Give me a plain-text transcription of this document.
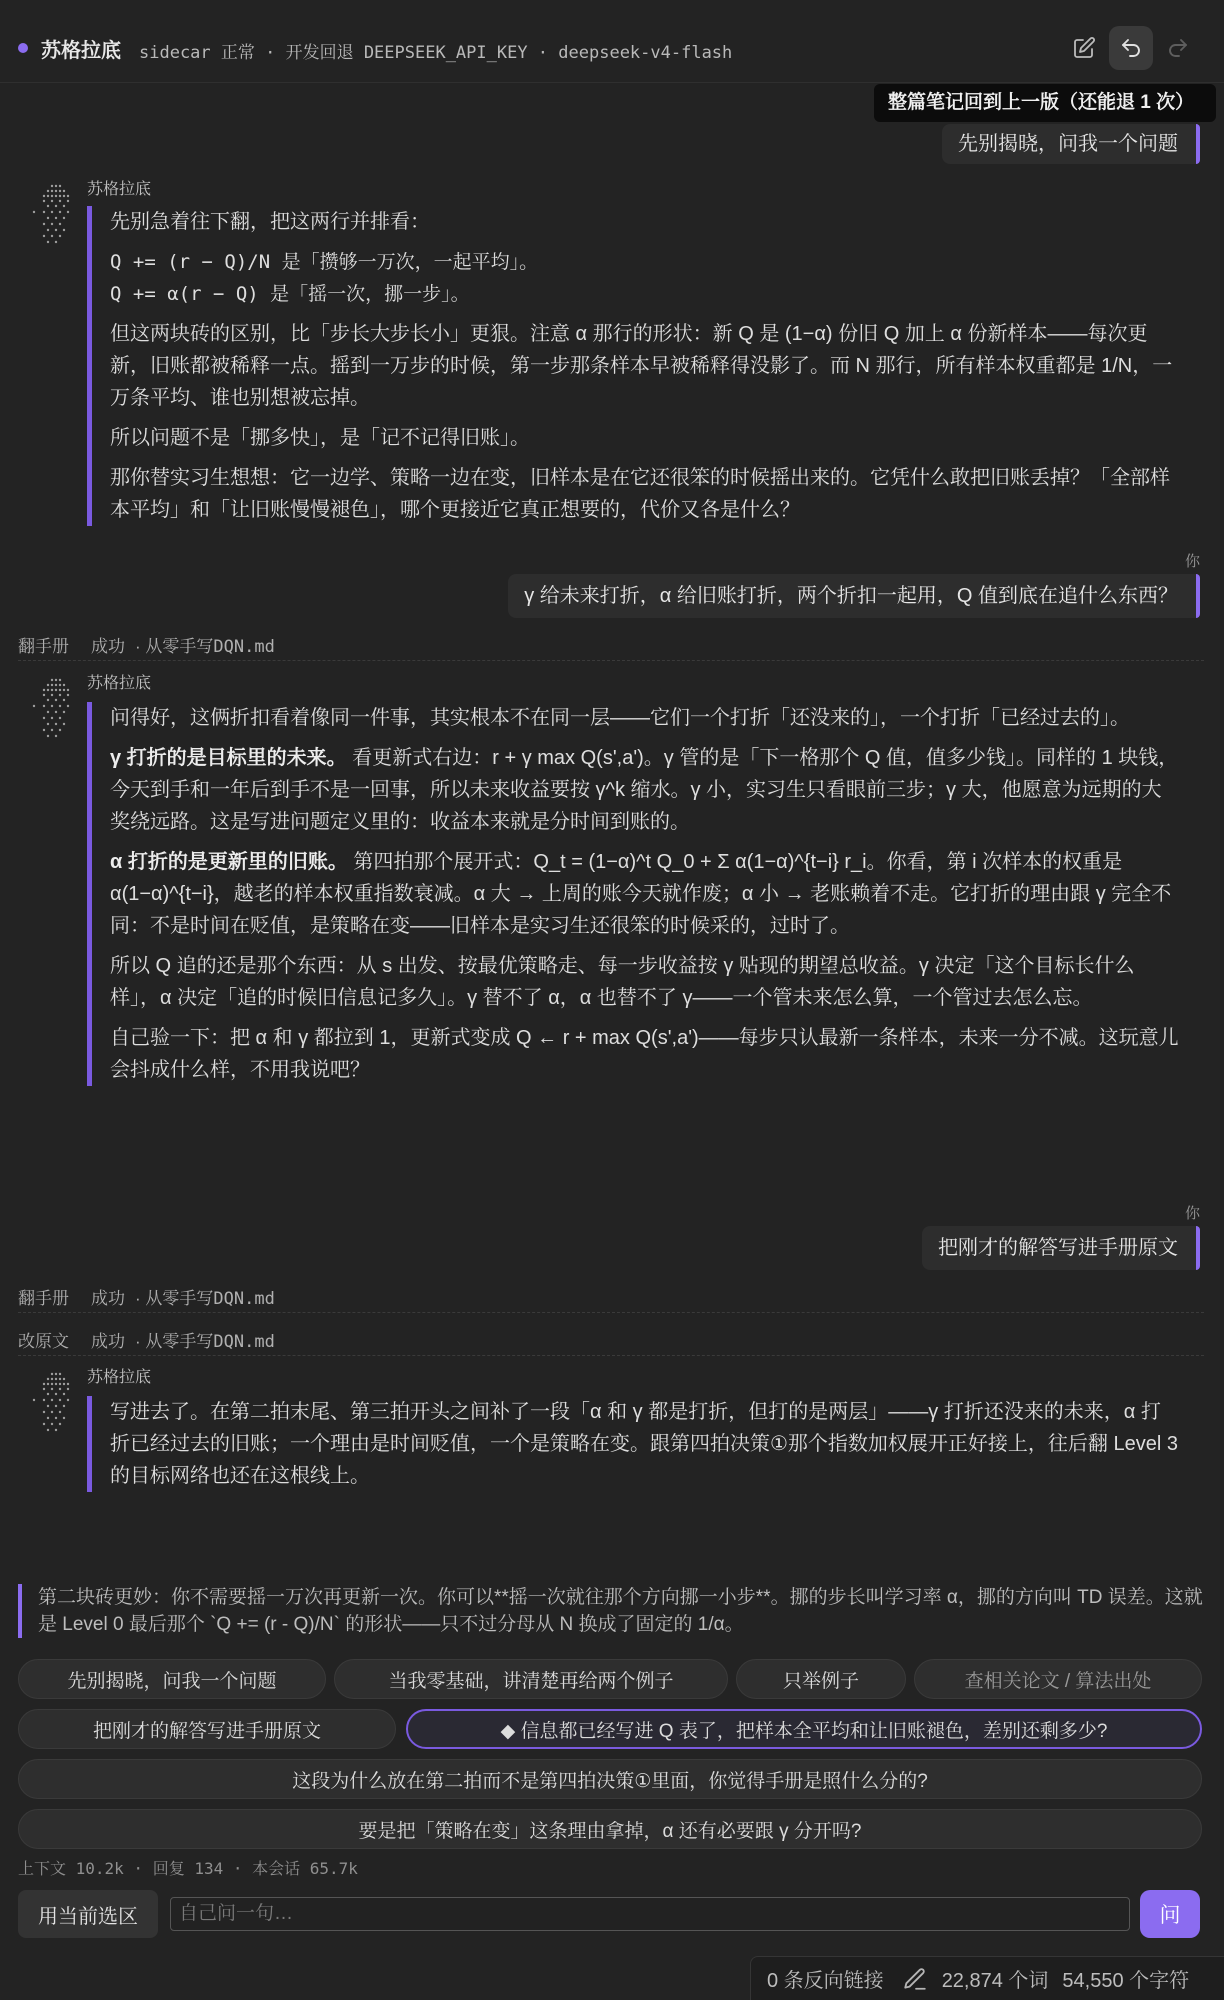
苏格拉底 sidecar 正常 · 开发回退 DEEPSEEK_API_KEY · deepseek-v4-flash
整篇笔记回到上一版（还能退 1 次）
先别揭晓，问我一个问题
苏格拉底

先别急着往下翻，把这两行并排看：

Q += (r − Q)/N 是「攒够一万次，一起平均」。
Q += α(r − Q) 是「摇一次，挪一步」。

但这两块砖的区别，比「步长大步长小」更狠。注意 α 那行的形状：新 Q 是 (1−α) 份旧 Q 加上 α 份新样本——每次更新，旧账都被稀释一点。摇到一万步的时候，第一步那条样本早被稀释得没影了。而 N 那行，所有样本权重都是 1/N，一万条平均、谁也别想被忘掉。

所以问题不是「挪多快」，是「记不记得旧账」。

那你替实习生想想：它一边学、策略一边在变，旧样本是在它还很笨的时候摇出来的。它凭什么敢把旧账丢掉？「全部样本平均」和「让旧账慢慢褪色」，哪个更接近它真正想要的，代价又各是什么？

你
γ 给未来打折，α 给旧账打折，两个折扣一起用，Q 值到底在追什么东西？
翻手册 成功 · 从零手写DQN.md
苏格拉底

问得好，这俩折扣看着像同一件事，其实根本不在同一层——它们一个打折「还没来的」，一个打折「已经过去的」。

γ 打折的是目标里的未来。 看更新式右边：r + γ max Q(s',a')。γ 管的是「下一格那个 Q 值，值多少钱」。同样的 1 块钱，今天到手和一年后到手不是一回事，所以未来收益要按 γ^k 缩水。γ 小，实习生只看眼前三步；γ 大，他愿意为远期的大奖绕远路。这是写进问题定义里的：收益本来就是分时间到账的。

α 打折的是更新里的旧账。 第四拍那个展开式：Q_t = (1−α)^t Q_0 + Σ α(1−α)^{t−i} r_i。你看，第 i 次样本的权重是 α(1−α)^{t−i}，越老的样本权重指数衰减。α 大 → 上周的账今天就作废；α 小 → 老账赖着不走。它打折的理由跟 γ 完全不同：不是时间在贬值，是策略在变——旧样本是实习生还很笨的时候采的，过时了。

所以 Q 追的还是那个东西：从 s 出发、按最优策略走、每一步收益按 γ 贴现的期望总收益。γ 决定「这个目标长什么样」，α 决定「追的时候旧信息记多久」。γ 替不了 α，α 也替不了 γ——一个管未来怎么算，一个管过去怎么忘。

自己验一下：把 α 和 γ 都拉到 1，更新式变成 Q ← r + max Q(s',a')——每步只认最新一条样本，未来一分不减。这玩意儿会抖成什么样，不用我说吧？

你
把刚才的解答写进手册原文
翻手册 成功 · 从零手写DQN.md
改原文 成功 · 从零手写DQN.md
苏格拉底

写进去了。在第二拍末尾、第三拍开头之间补了一段「α 和 γ 都是打折，但打的是两层」——γ 打折还没来的未来，α 打折已经过去的旧账；一个理由是时间贬值，一个是策略在变。跟第四拍决策①那个指数加权展开正好接上，往后翻 Level 3 的目标网络也还在这根线上。

第二块砖更妙：你不需要摇一万次再更新一次。你可以**摇一次就往那个方向挪一小步**。挪的步长叫学习率 α，挪的方向叫 TD 误差。这就是 Level 0 最后那个 `Q += (r - Q)/N` 的形状——只不过分母从 N 换成了固定的 1/α。
先别揭晓，问我一个问题	当我零基础，讲清楚再给两个例子	只举例子	查相关论文 / 算法出处
把刚才的解答写进手册原文	◆ 信息都已经写进 Q 表了，把样本全平均和让旧账褪色，差别还剩多少?
这段为什么放在第二拍而不是第四拍决策①里面，你觉得手册是照什么分的?
要是把「策略在变」这条理由拿掉，α 还有必要跟 γ 分开吗?
上下文 10.2k · 回复 134 · 本会话 65.7k
用当前选区
自己问一句…	问
0 条反向链接	22,874 个词 54,550 个字符
